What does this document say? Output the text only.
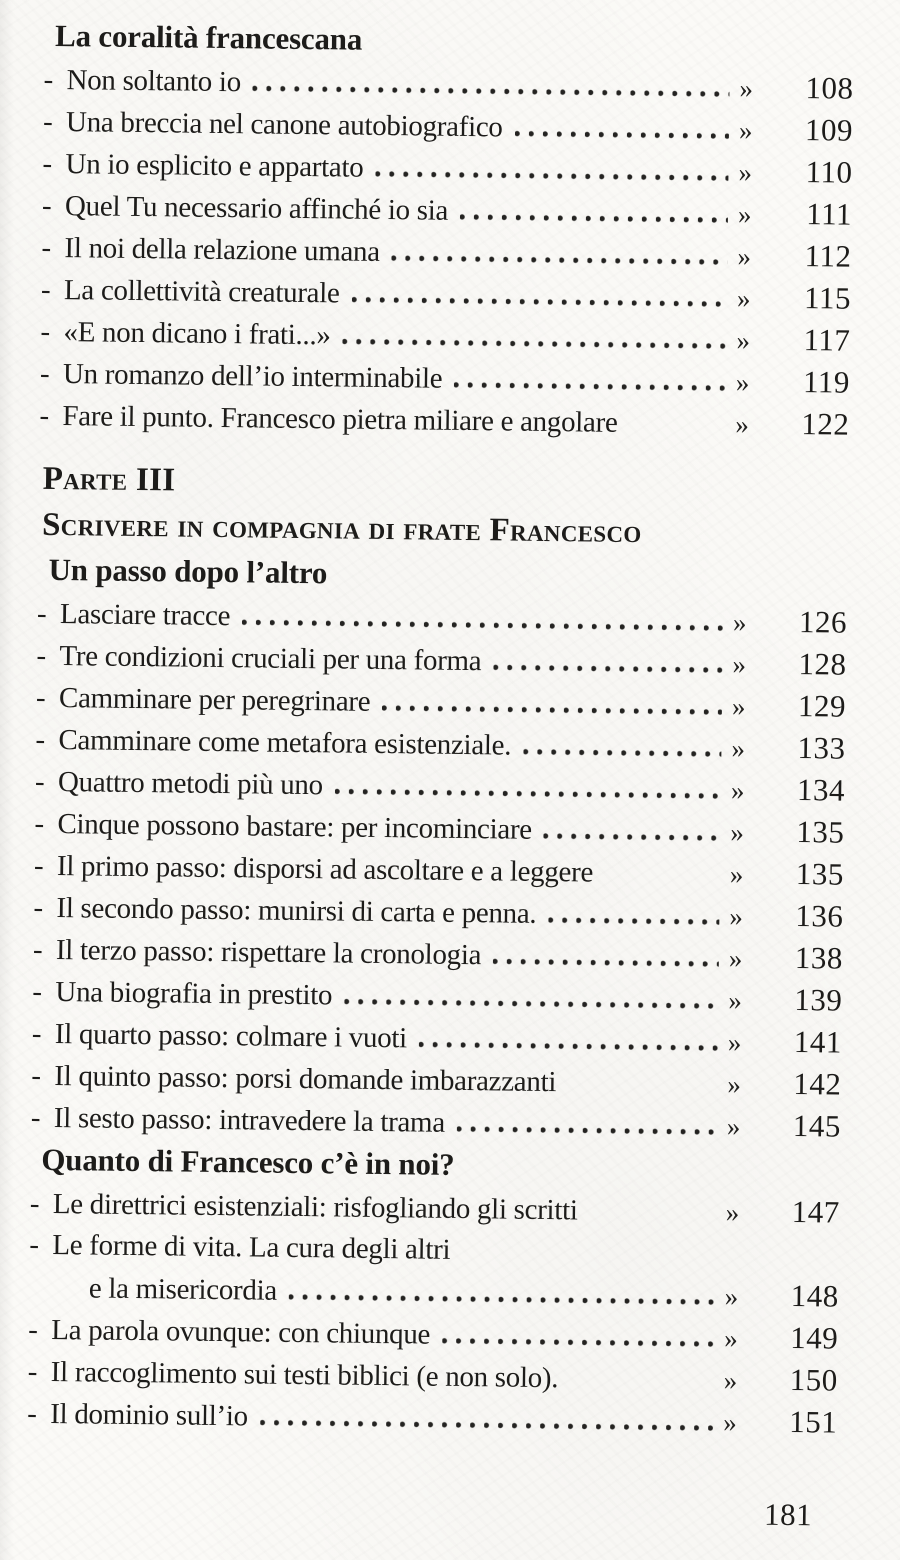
La coralità francescana
- Non soltanto io	»	108
- Una breccia nel canone autobiografico	»	109
- Un io esplicito e appartato	»	110
- Quel Tu necessario affinché io sia	»	111
- Il noi della relazione umana	»	112
- La collettività creaturale	»	115
- «E non dicano i frati...»	»	117
- Un romanzo dell’io interminabile	»	119
- Fare il punto. Francesco pietra miliare e angolare	»	122
Parte III
Scrivere in compagnia di frate Francesco
Un passo dopo l’altro
- Lasciare tracce	»	126
- Tre condizioni cruciali per una forma	»	128
- Camminare per peregrinare	»	129
- Camminare come metafora esistenziale.	»	133
- Quattro metodi più uno	»	134
- Cinque possono bastare: per incominciare	»	135
- Il primo passo: disporsi ad ascoltare e a leggere	»	135
- Il secondo passo: munirsi di carta e penna.	»	136
- Il terzo passo: rispettare la cronologia	»	138
- Una biografia in prestito	»	139
- Il quarto passo: colmare i vuoti	»	141
- Il quinto passo: porsi domande imbarazzanti	»	142
- Il sesto passo: intravedere la trama	»	145
Quanto di Francesco c’è in noi?
- Le direttrici esistenziali: risfogliando gli scritti	»	147
- Le forme di vita. La cura degli altri
e la misericordia	»	148
- La parola ovunque: con chiunque	»	149
- Il raccoglimento sui testi biblici (e non solo).	»	150
- Il dominio sull’io	»	151
181
